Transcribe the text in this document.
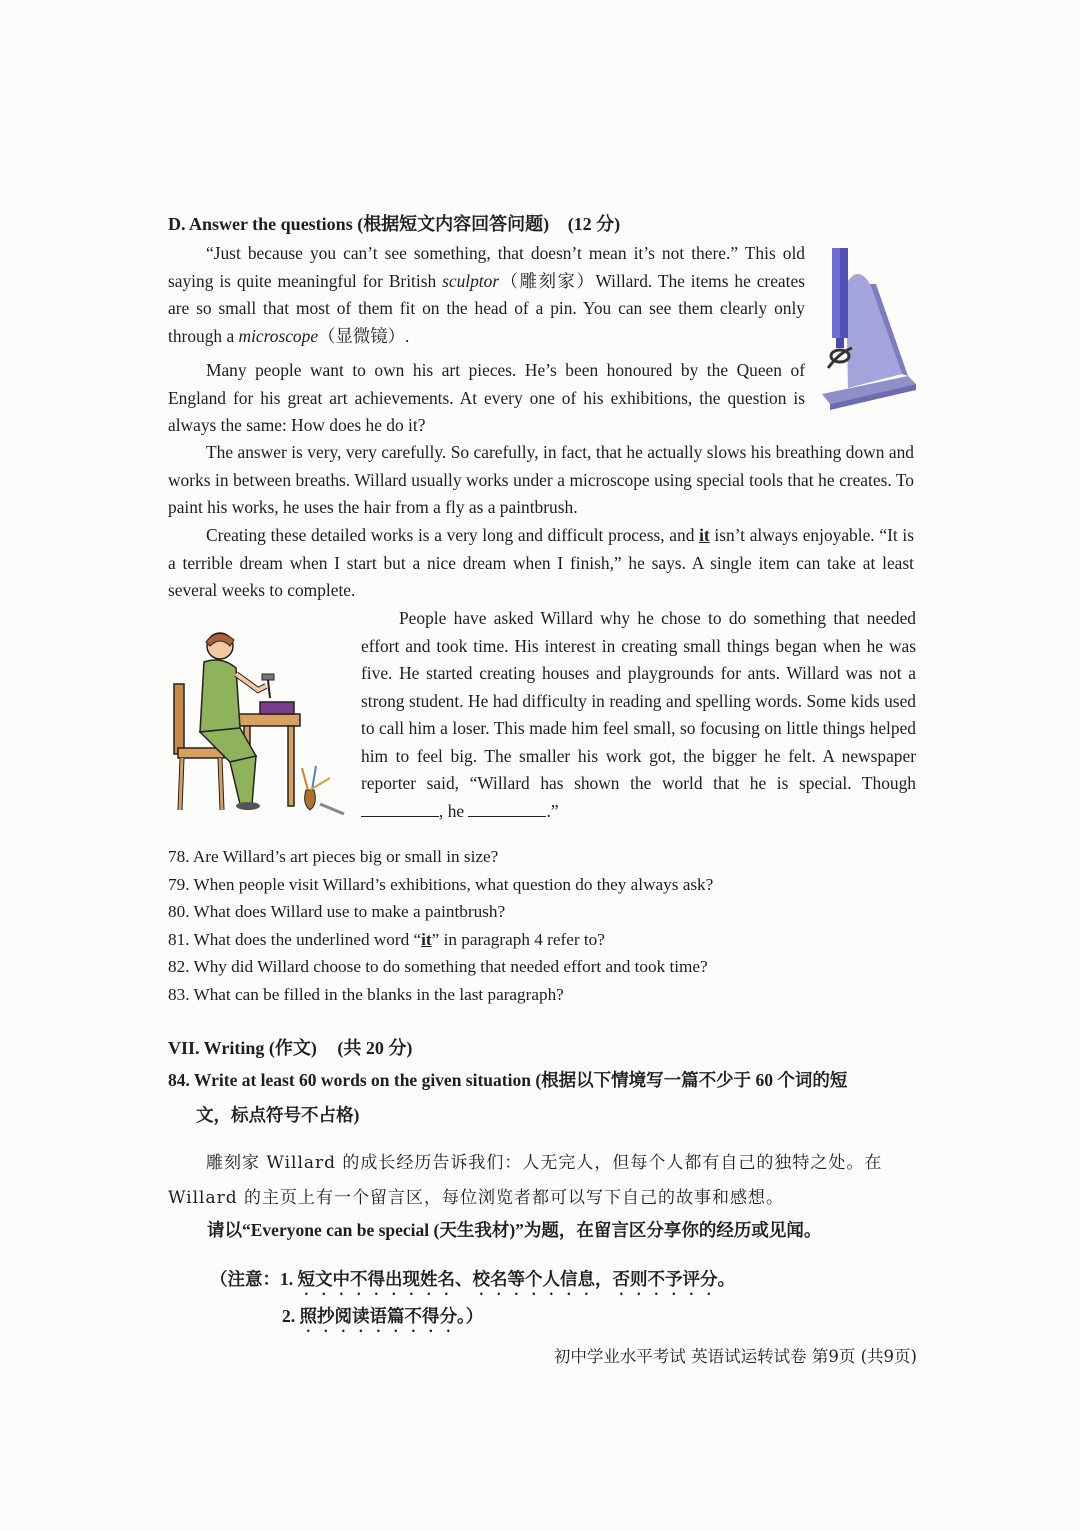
D. Answer the questions (根据短文内容回答问题) (12 分)

“Just because you can’t see something, that doesn’t mean it’s not there.” This old saying is quite meaningful for British sculptor（雕刻家）Willard. The items he creates are so small that most of them fit on the head of a pin. You can see them clearly only through a microscope（显微镜）.

Many people want to own his art pieces. He’s been honoured by the Queen of England for his great art achievements. At every one of his exhibitions, the question is always the same: How does he do it?

The answer is very, very carefully. So carefully, in fact, that he actually slows his breathing down and works in between breaths. Willard usually works under a microscope using special tools that he creates. To paint his works, he uses the hair from a fly as a paintbrush.

Creating these detailed works is a very long and difficult process, and it isn’t always enjoyable. “It is a terrible dream when I start but a nice dream when I finish,” he says. A single item can take at least several weeks to complete.

People have asked Willard why he chose to do something that needed effort and took time. His interest in creating small things began when he was five. He started creating houses and playgrounds for ants. Willard was not a strong student. He had difficulty in reading and spelling words. Some kids used to call him a loser. This made him feel small, so focusing on little things helped him to feel big. The smaller his work got, the bigger he felt. A newspaper reporter said, “Willard has shown the world that he is special. Though , he	.”

78. Are Willard’s art pieces big or small in size?
79. When people visit Willard’s exhibitions, what question do they always ask?
80. What does Willard use to make a paintbrush?
81. What does the underlined word “it” in paragraph 4 refer to?
82. Why did Willard choose to do something that needed effort and took time?
83. What can be filled in the blanks in the last paragraph?
VII. Writing (作文) (共 20 分)
84. Write at least 60 words on the given situation (根据以下情境写一篇不少于 60 个词的短
文，标点符号不占格)
雕刻家 Willard 的成长经历告诉我们：人无完人，但每个人都有自己的独特之处。在
Willard 的主页上有一个留言区，每位浏览者都可以写下自己的故事和感想。
请以“Everyone can be special (天生我材)”为题，在留言区分享你的经历或见闻。
（注意：1. 短文中不得出现姓名、校名等个人信息，否则不予评分。
2. 照抄阅读语篇不得分。）
初中学业水平考试 英语试运转试卷 第9页 (共9页)
